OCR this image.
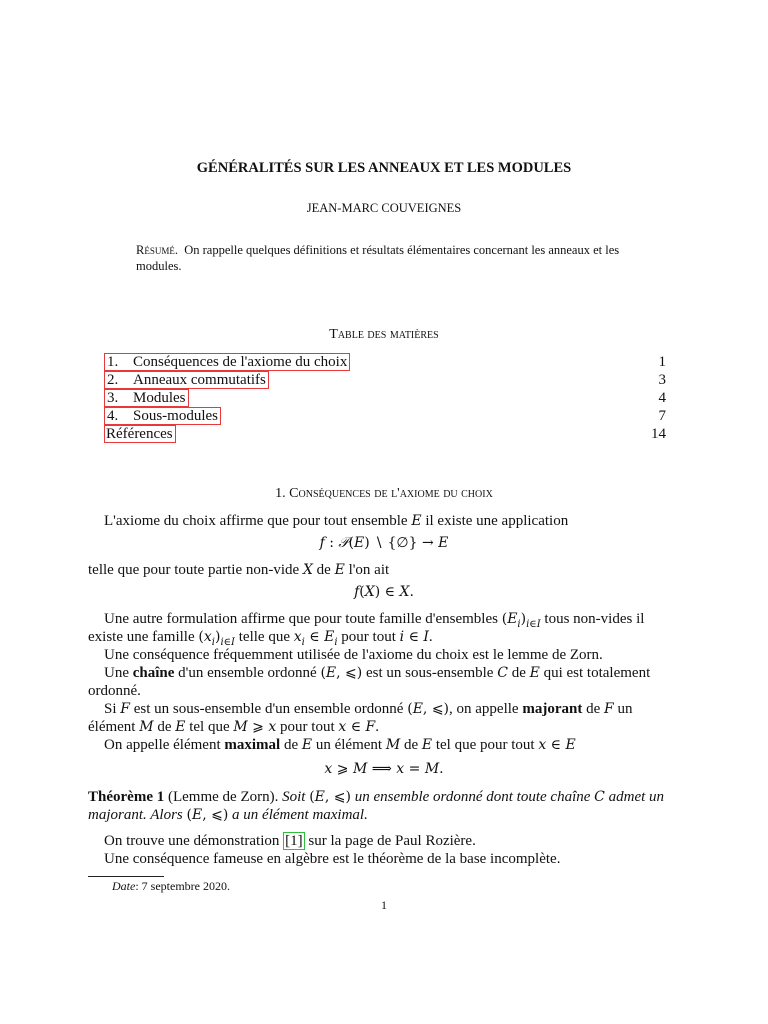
GÉNÉRALITÉS SUR LES ANNEAUX ET LES MODULES
JEAN-MARC COUVEIGNES
Résumé. On rappelle quelques définitions et résultats élémentaires concernant les anneaux et les
modules.
Table des matières
1. Conséquences de l'axiome du choix	1
2. Anneaux commutatifs	3
3. Modules	4
4. Sous-modules	7
Références	14
1. Conséquences de l'axiome du choix
L'axiome du choix affirme que pour tout ensemble E il existe une application
f : 𝒫(E) ∖ {∅} → E
telle que pour toute partie non-vide X de E l'on ait
f(X) ∈ X.
Une autre formulation affirme que pour toute famille d'ensembles $(E_i)_{i\in I}$ tous non-vides il
existe une famille $(x_i)_{i\in I}$ telle que $x_i$ ∈ $E_i$ pour tout i ∈ I.
Une conséquence fréquemment utilisée de l'axiome du choix est le lemme de Zorn.
Une chaîne d'un ensemble ordonné (E, ⩽) est un sous-ensemble C de E qui est totalement
ordonné.
Si F est un sous-ensemble d'un ensemble ordonné (E, ⩽), on appelle majorant de F un
élément M de E tel que M ⩾ x pour tout x ∈ F.
On appelle élément maximal de E un élément M de E tel que pour tout x ∈ E
x ⩾ M ⟹ x = M.
Théorème 1 (Lemme de Zorn). Soit (E, ⩽) un ensemble ordonné dont toute chaîne C admet un
majorant. Alors (E, ⩽) a un élément maximal.
On trouve une démonstration [1] sur la page de Paul Rozière.
Une conséquence fameuse en algèbre est le théorème de la base incomplète.
Date: 7 septembre 2020.
1
